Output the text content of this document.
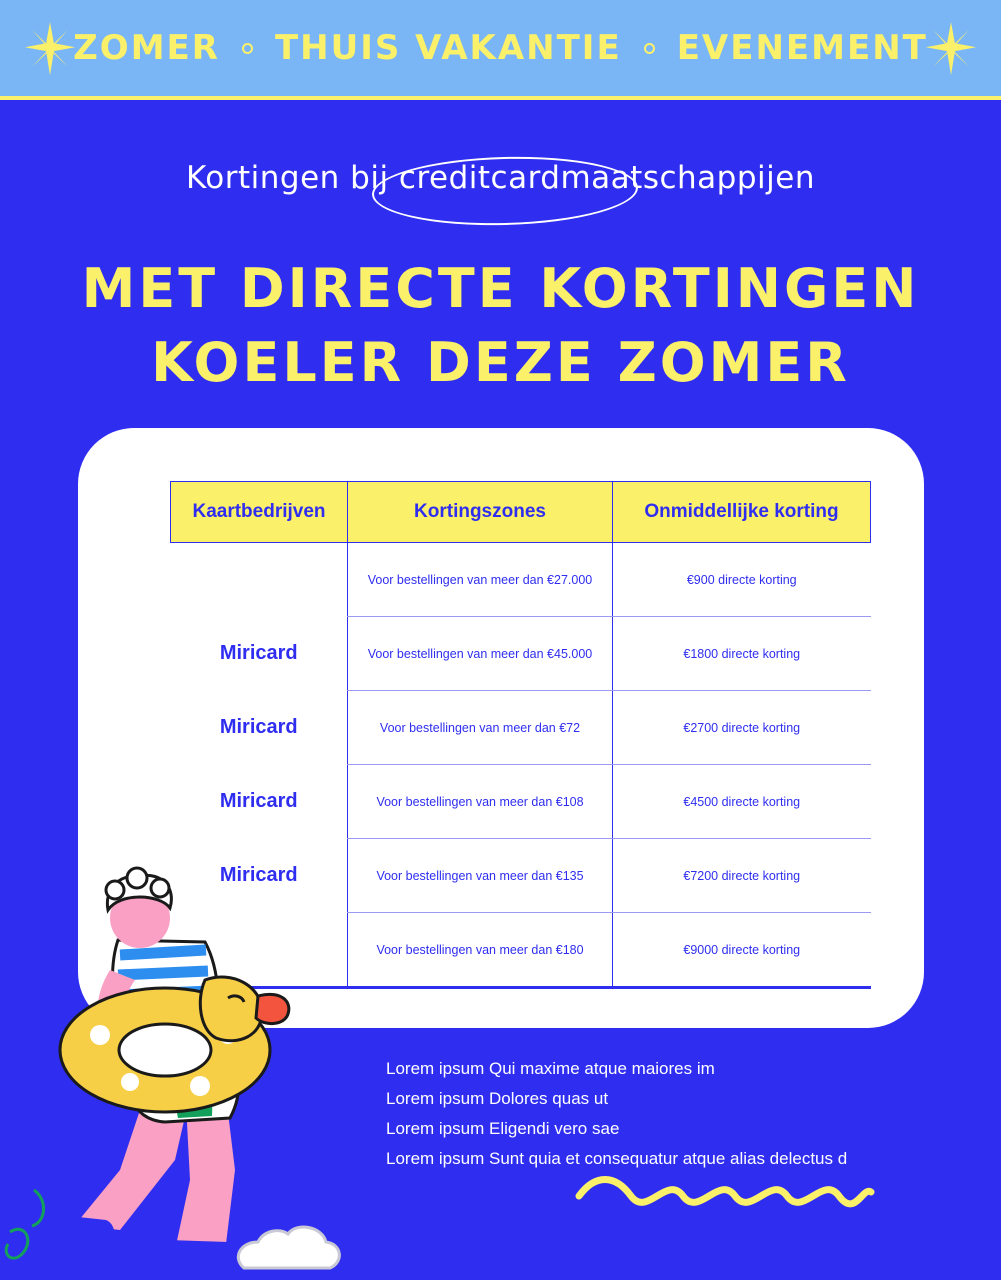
ZOMER THUIS VAKANTIE EVENEMENT
Kortingen bij creditcardmaatschappijen
MET DIRECTE KORTINGEN
KOELER DEZE ZOMER
Kaartbedrijven	Kortingszones	Onmiddellijke korting
	Voor bestellingen van meer dan €27.000	€900 directe korting
Miricard	Voor bestellingen van meer dan €45.000	€1800 directe korting
Miricard	Voor bestellingen van meer dan €72	€2700 directe korting
Miricard	Voor bestellingen van meer dan €108	€4500 directe korting
Miricard	Voor bestellingen van meer dan €135	€7200 directe korting
	Voor bestellingen van meer dan €180	€9000 directe korting
Lorem ipsum Qui maxime atque maiores im
Lorem ipsum Dolores quas ut
Lorem ipsum Eligendi vero sae
Lorem ipsum Sunt quia et consequatur atque alias delectus d
